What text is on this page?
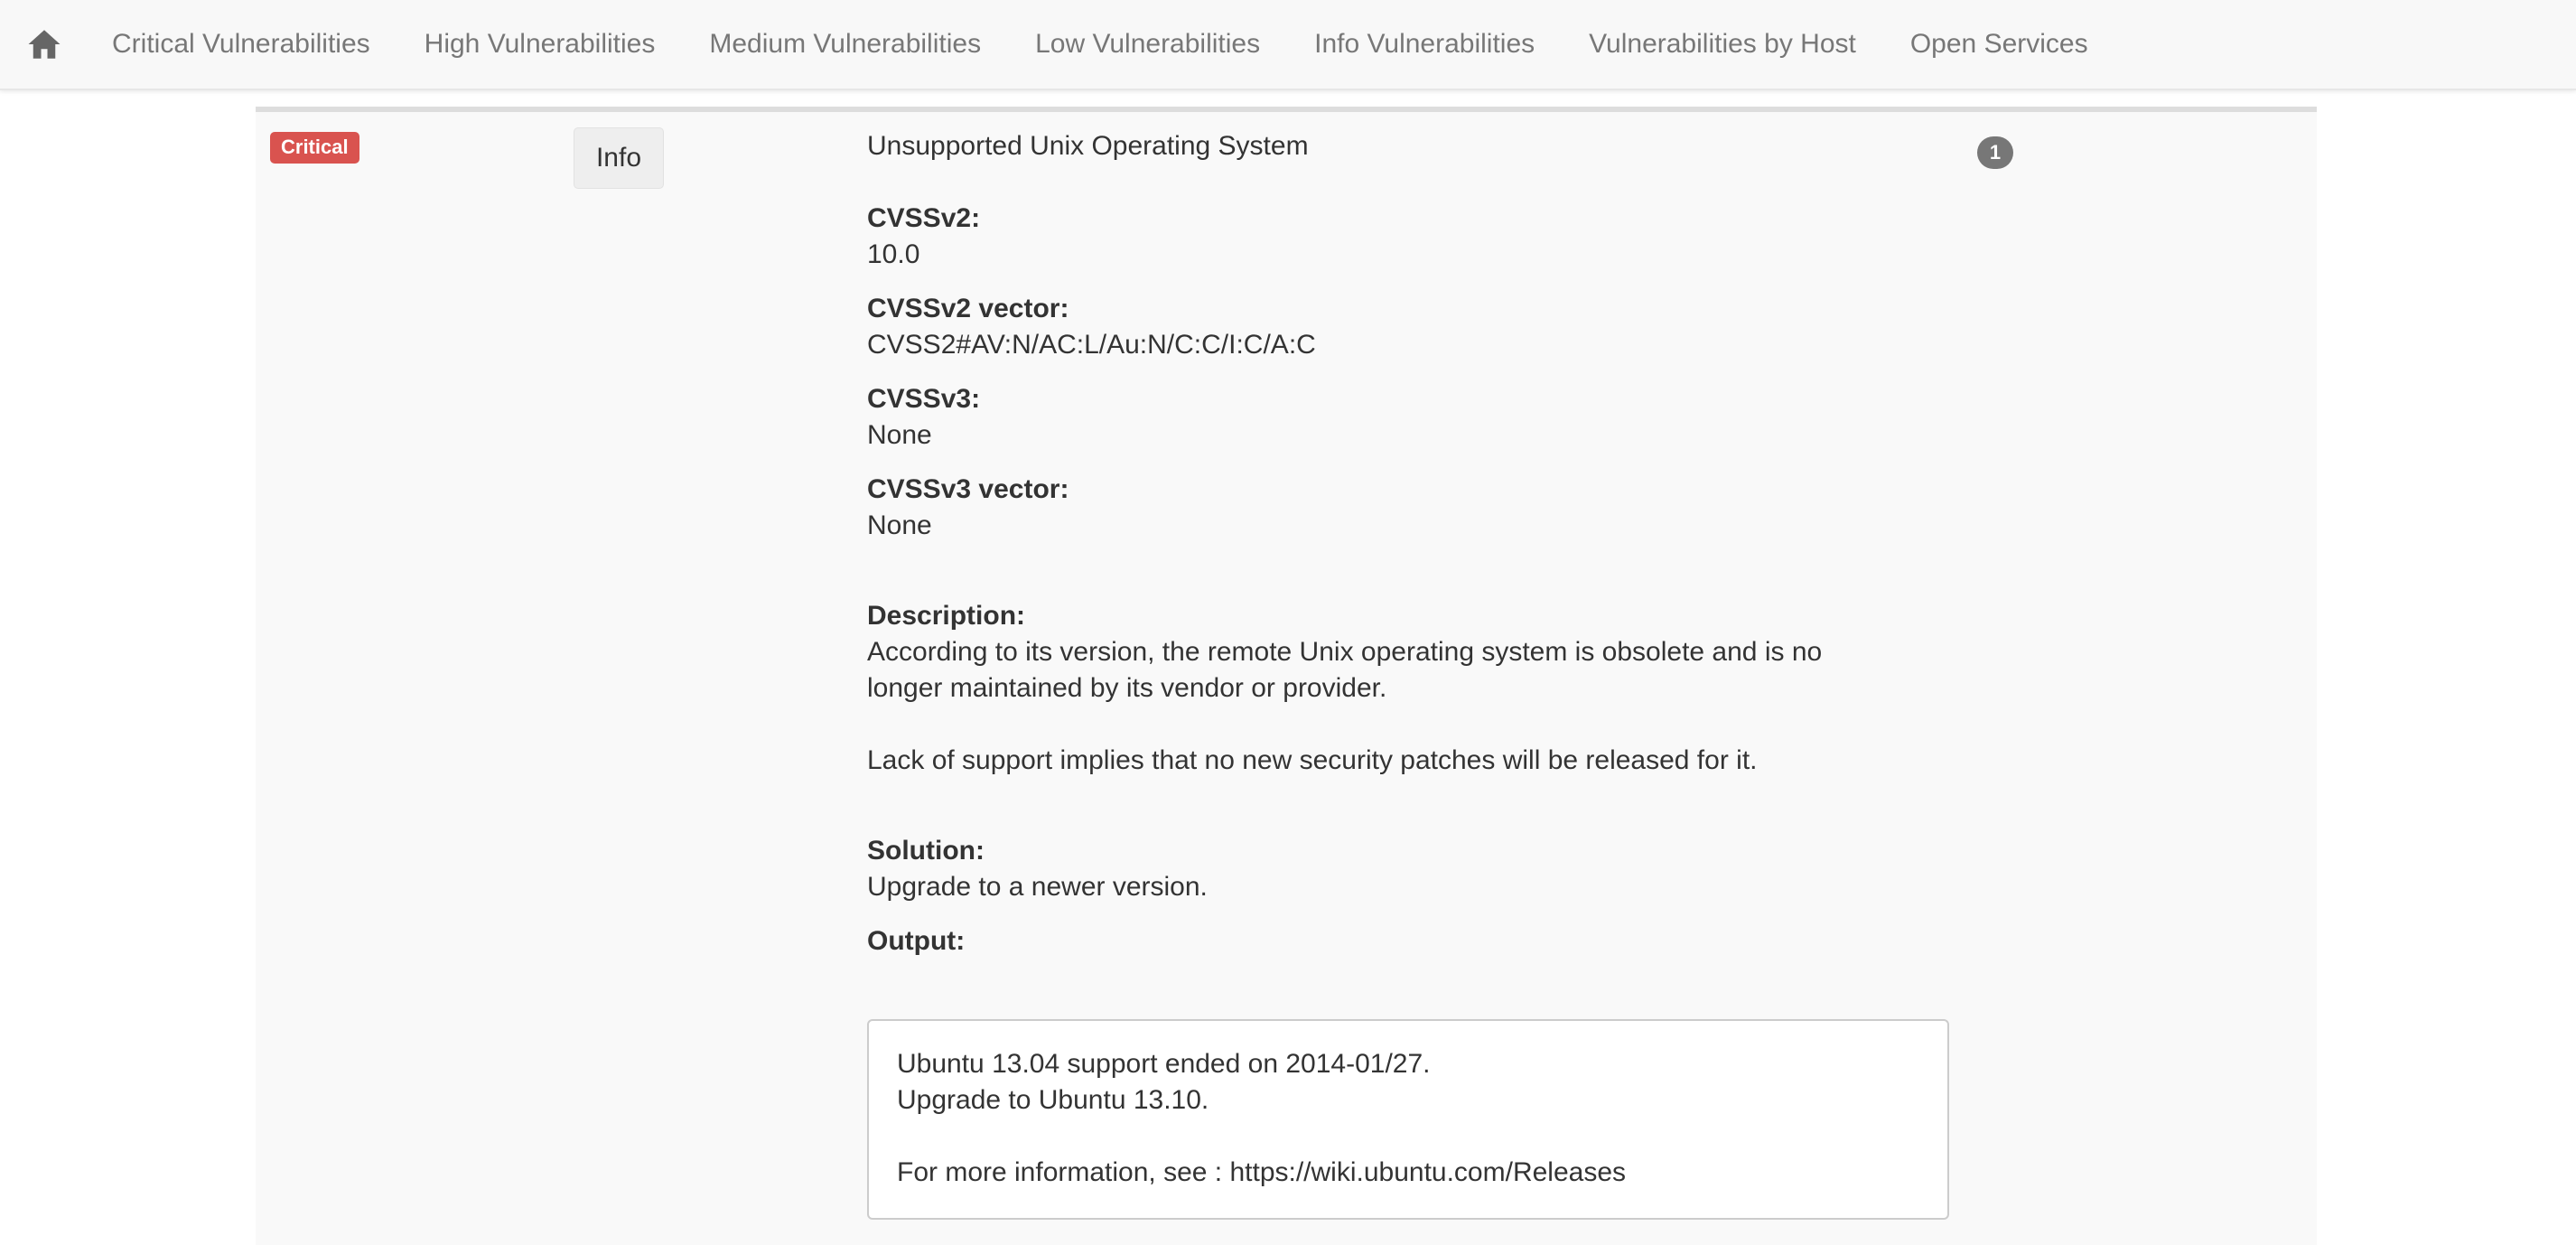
Critical Vulnerabilities High Vulnerabilities Medium Vulnerabilities Low Vulnerabilities Info Vulnerabilities Vulnerabilities by Host Open Services
Critical	Info	Unsupported Unix Operating System
CVSSv2:
10.0
CVSSv2 vector:
CVSS2#AV:N/AC:L/Au:N/C:C/I:C/A:C
CVSSv3:
None
CVSSv3 vector:
None
Description:
According to its version, the remote Unix operating system is obsolete and is no longer maintained by its vendor or provider.
Lack of support implies that no new security patches will be released for it.
Solution:
Upgrade to a newer version.
Output:
1
Ubuntu 13.04 support ended on 2014-01/27.
Upgrade to Ubuntu 13.10.
For more information, see : https://wiki.ubuntu.com/Releases
